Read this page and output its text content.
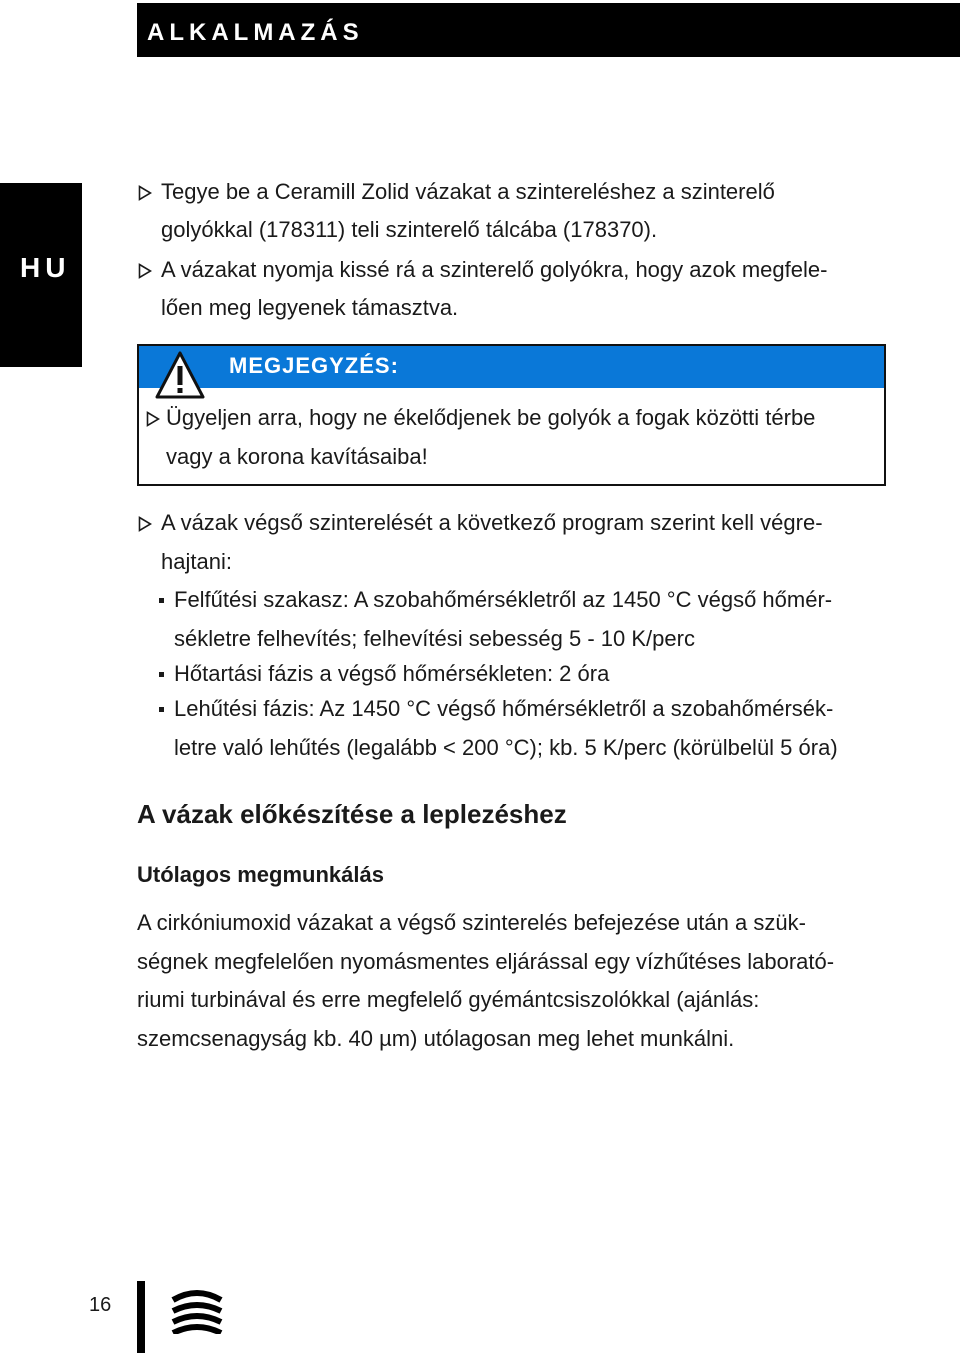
ALKALMAZÁS
HU
Tegye be a Ceramill Zolid vázakat a szintereléshez a szinterelő
golyókkal (178311) teli szinterelő tálcába (178370).
A vázakat nyomja kissé rá a szinterelő golyókra, hogy azok megfele-
lően meg legyenek támasztva.
MEGJEGYZÉS:
Ügyeljen arra, hogy ne ékelődjenek be golyók a fogak közötti térbe
vagy a korona kavításaiba!
A vázak végső szinterelését a következő program szerint kell végre-
hajtani:
Felfűtési szakasz: A szobahőmérsékletről az 1450 °C végső hőmér-
sékletre felhevítés; felhevítési sebesség 5 - 10 K/perc
Hőtartási fázis a végső hőmérsékleten: 2 óra
Lehűtési fázis: Az 1450 °C végső hőmérsékletről a szobahőmérsék-
letre való lehűtés (legalább < 200 °C); kb. 5 K/perc (körülbelül 5 óra)
A vázak előkészítése a leplezéshez
Utólagos megmunkálás
A cirkóniumoxid vázakat a végső szinterelés befejezése után a szük-
ségnek megfelelően nyomásmentes eljárással egy vízhűtéses laborató-
riumi turbinával és erre megfelelő gyémántcsiszolókkal (ajánlás:
szemcsenagyság kb. 40 µm) utólagosan meg lehet munkálni.
16
